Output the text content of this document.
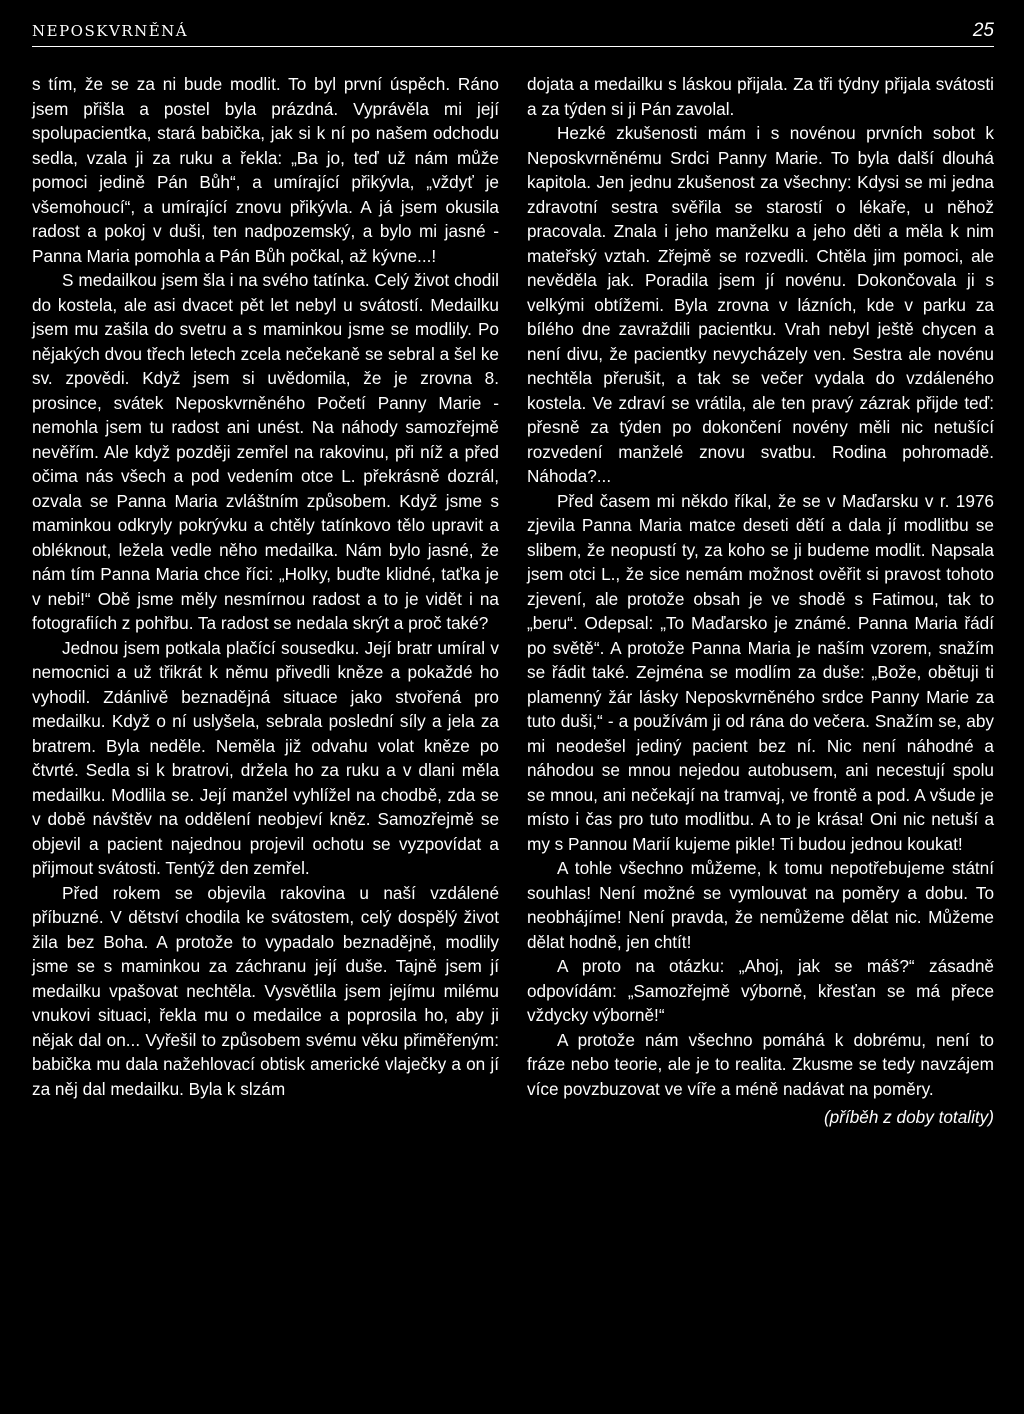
NEPOSKVRNĚNÁ	25

s tím, že se za ni bude modlit. To byl první úspěch. Ráno jsem přišla a postel byla prázdná. Vyprávěla mi její spolupacientka, stará babička, jak si k ní po našem odchodu sedla, vzala ji za ruku a řekla: „Ba jo, teď už nám může pomoci jedině Pán Bůh“, a umírající přikývla, „vždyť je všemohoucí“, a umírající znovu přikývla. A já jsem okusila radost a pokoj v duši, ten nadpozemský, a bylo mi jasné - Panna Maria pomohla a Pán Bůh počkal, až kývne...!

S medailkou jsem šla i na svého tatínka. Celý život chodil do kostela, ale asi dvacet pět let nebyl u svátostí. Medailku jsem mu zašila do svetru a s maminkou jsme se modlily. Po nějakých dvou třech letech zcela nečekaně se sebral a šel ke sv. zpovědi. Když jsem si uvědomila, že je zrovna 8. prosince, svátek Neposkvrněného Početí Panny Marie - nemohla jsem tu radost ani unést. Na náhody samozřejmě nevěřím. Ale když později zemřel na rakovinu, při níž a před očima nás všech a pod vedením otce L. překrásně dozrál, ozvala se Panna Maria zvláštním způsobem. Když jsme s maminkou odkryly pokrývku a chtěly tatínkovo tělo upravit a obléknout, ležela vedle něho medailka. Nám bylo jasné, že nám tím Panna Maria chce říci: „Holky, buďte klidné, taťka je v nebi!“ Obě jsme měly nesmírnou radost a to je vidět i na fotografiích z pohřbu. Ta radost se nedala skrýt a proč také?

Jednou jsem potkala plačící sousedku. Její bratr umíral v nemocnici a už třikrát k němu přivedli kněze a pokaždé ho vyhodil. Zdánlivě beznadějná situace jako stvořená pro medailku. Když o ní uslyšela, sebrala poslední síly a jela za bratrem. Byla neděle. Neměla již odvahu volat kněze po čtvrté. Sedla si k bratrovi, držela ho za ruku a v dlani měla medailku. Modlila se. Její manžel vyhlížel na chodbě, zda se v době návštěv na oddělení neobjeví kněz. Samozřejmě se objevil a pacient najednou projevil ochotu se vyzpovídat a přijmout svátosti. Tentýž den zemřel.

Před rokem se objevila rakovina u naší vzdálené příbuzné. V dětství chodila ke svátostem, celý dospělý život žila bez Boha. A protože to vypadalo beznadějně, modlily jsme se s maminkou za záchranu její duše. Tajně jsem jí medailku vpašovat nechtěla. Vysvětlila jsem jejímu milému vnukovi situaci, řekla mu o medailce a poprosila ho, aby ji nějak dal on... Vyřešil to způsobem svému věku přiměřeným: babička mu dala nažehlovací obtisk americké vlaječky a on jí za něj dal medailku. Byla k slzám

dojata a medailku s láskou přijala. Za tři týdny přijala svátosti a za týden si ji Pán zavolal.

Hezké zkušenosti mám i s novénou prvních sobot k Neposkvrněnému Srdci Panny Marie. To byla další dlouhá kapitola. Jen jednu zkušenost za všechny: Kdysi se mi jedna zdravotní sestra svěřila se starostí o lékaře, u něhož pracovala. Znala i jeho manželku a jeho děti a měla k nim mateřský vztah. Zřejmě se rozvedli. Chtěla jim pomoci, ale nevěděla jak. Poradila jsem jí novénu. Dokončovala ji s velkými obtížemi. Byla zrovna v lázních, kde v parku za bílého dne zavraždili pacientku. Vrah nebyl ještě chycen a není divu, že pacientky nevycházely ven. Sestra ale novénu nechtěla přerušit, a tak se večer vydala do vzdáleného kostela. Ve zdraví se vrátila, ale ten pravý zázrak přijde teď: přesně za týden po dokončení novény měli nic netušící rozvedení manželé znovu svatbu. Rodina pohromadě. Náhoda?...

Před časem mi někdo říkal, že se v Maďarsku v r. 1976 zjevila Panna Maria matce deseti dětí a dala jí modlitbu se slibem, že neopustí ty, za koho se ji budeme modlit. Napsala jsem otci L., že sice nemám možnost ověřit si pravost tohoto zjevení, ale protože obsah je ve shodě s Fatimou, tak to „beru“. Odepsal: „To Maďarsko je známé. Panna Maria řádí po světě“. A protože Panna Maria je naším vzorem, snažím se řádit také. Zejména se modlím za duše: „Bože, obětuji ti plamenný žár lásky Neposkvrněného srdce Panny Marie za tuto duši,“ - a používám ji od rána do večera. Snažím se, aby mi neodešel jediný pacient bez ní. Nic není náhodné a náhodou se mnou nejedou autobusem, ani necestují spolu se mnou, ani nečekají na tramvaj, ve frontě a pod. A všude je místo i čas pro tuto modlitbu. A to je krása! Oni nic netuší a my s Pannou Marií kujeme pikle! Ti budou jednou koukat!

A tohle všechno můžeme, k tomu nepotřebujeme státní souhlas! Není možné se vymlouvat na poměry a dobu. To neobhájíme! Není pravda, že nemůžeme dělat nic. Můžeme dělat hodně, jen chtít!

A proto na otázku: „Ahoj, jak se máš?“ zásadně odpovídám: „Samozřejmě výborně, křesťan se má přece vždycky výborně!“

A protože nám všechno pomáhá k dobrému, není to fráze nebo teorie, ale je to realita. Zkusme se tedy navzájem více povzbuzovat ve víře a méně nadávat na poměry.

(příběh z doby totality)
